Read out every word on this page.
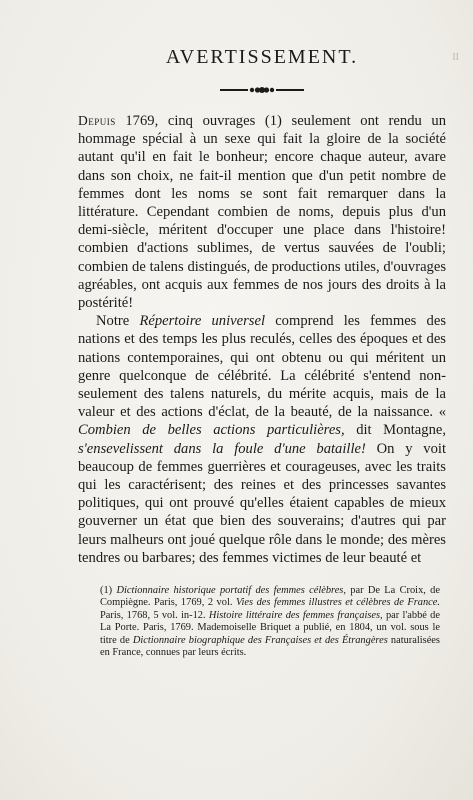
II
AVERTISSEMENT.

Depuis 1769, cinq ouvrages (1) seulement ont rendu un hommage spécial à un sexe qui fait la gloire de la société autant qu'il en fait le bonheur; encore chaque auteur, avare dans son choix, ne fait-il mention que d'un petit nombre de femmes dont les noms se sont fait remarquer dans la littérature. Cependant combien de noms, depuis plus d'un demi-siècle, méritent d'occuper une place dans l'histoire! combien d'actions sublimes, de vertus sauvées de l'oubli; combien de talens distingués, de productions utiles, d'ouvrages agréables, ont acquis aux femmes de nos jours des droits à la postérité!

Notre Répertoire universel comprend les femmes des nations et des temps les plus reculés, celles des époques et des nations contemporaines, qui ont obtenu ou qui méritent un genre quelconque de célébrité. La célébrité s'entend non-seulement des talens naturels, du mérite acquis, mais de la valeur et des actions d'éclat, de la beauté, de la naissance. « Combien de belles actions particulières, dit Montagne, s'ensevelissent dans la foule d'une bataille! On y voit beaucoup de femmes guerrières et courageuses, avec les traits qui les caractérisent; des reines et des princesses savantes politiques, qui ont prouvé qu'elles étaient capables de mieux gouverner un état que bien des souverains; d'autres qui par leurs malheurs ont joué quelque rôle dans le monde; des mères tendres ou barbares; des femmes victimes de leur beauté et

(1) Dictionnaire historique portatif des femmes célèbres, par De La Croix, de Compiègne. Paris, 1769, 2 vol. Vies des femmes illustres et célèbres de France. Paris, 1768, 5 vol. in-12. Histoire littéraire des femmes françaises, par l'abbé de La Porte. Paris, 1769. Mademoiselle Briquet a publié, en 1804, un vol. sous le titre de Dictionnaire biographique des Françaises et des Étrangères naturalisées en France, connues par leurs écrits.
